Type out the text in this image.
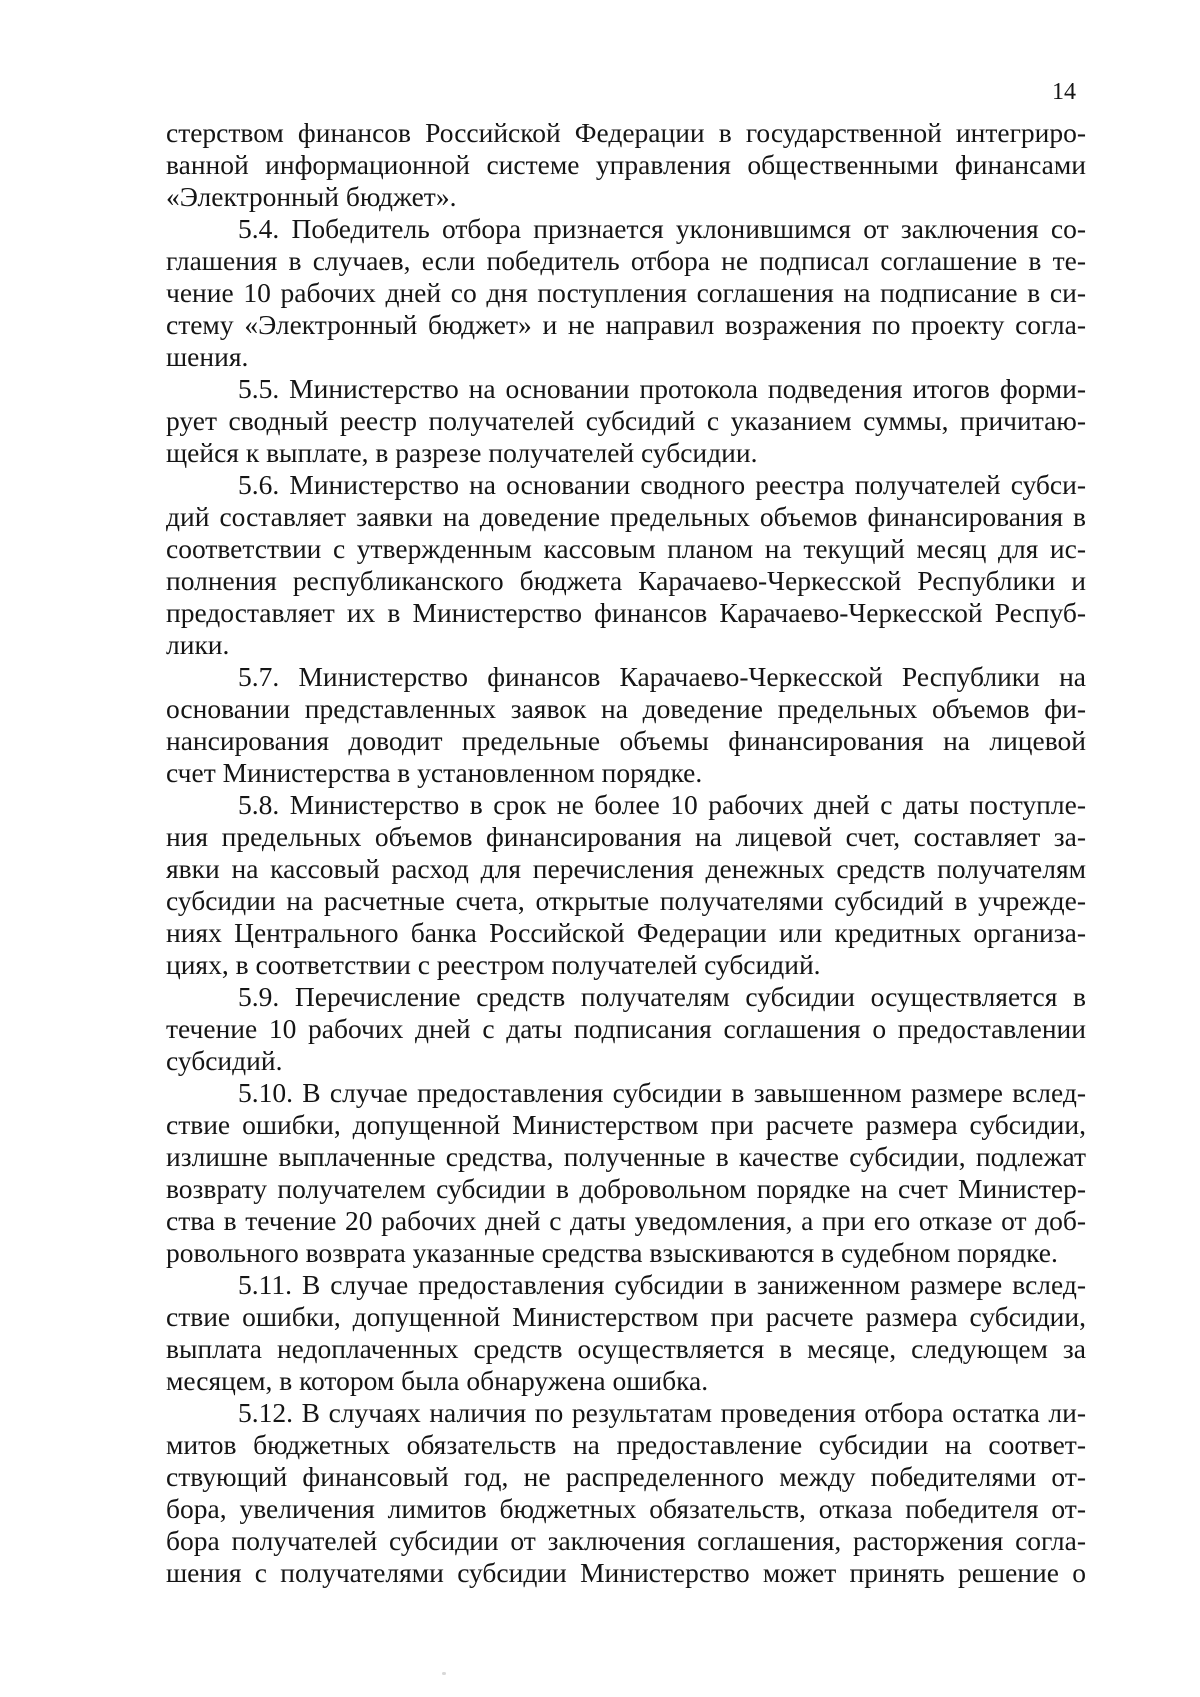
14
стерством финансов Российской Федерации в государственной интегриро-
ванной информационной системе управления общественными финансами
«Электронный бюджет».
5.4. Победитель отбора признается уклонившимся от заключения со-
глашения в случаев, если победитель отбора не подписал соглашение в те-
чение 10 рабочих дней со дня поступления соглашения на подписание в си-
стему «Электронный бюджет» и не направил возражения по проекту согла-
шения.
5.5. Министерство на основании протокола подведения итогов форми-
рует сводный реестр получателей субсидий с указанием суммы, причитаю-
щейся к выплате, в разрезе получателей субсидии.
5.6. Министерство на основании сводного реестра получателей субси-
дий составляет заявки на доведение предельных объемов финансирования в
соответствии с утвержденным кассовым планом на текущий месяц для ис-
полнения республиканского бюджета Карачаево-Черкесской Республики и
предоставляет их в Министерство финансов Карачаево-Черкесской Респуб-
лики.
5.7. Министерство финансов Карачаево-Черкесской Республики на
основании представленных заявок на доведение предельных объемов фи-
нансирования доводит предельные объемы финансирования на лицевой
счет Министерства в установленном порядке.
5.8. Министерство в срок не более 10 рабочих дней с даты поступле-
ния предельных объемов финансирования на лицевой счет, составляет за-
явки на кассовый расход для перечисления денежных средств получателям
субсидии на расчетные счета, открытые получателями субсидий в учрежде-
ниях Центрального банка Российской Федерации или кредитных организа-
циях, в соответствии с реестром получателей субсидий.
5.9. Перечисление средств получателям субсидии осуществляется в
течение 10 рабочих дней с даты подписания соглашения о предоставлении
субсидий.
5.10. В случае предоставления субсидии в завышенном размере вслед-
ствие ошибки, допущенной Министерством при расчете размера субсидии,
излишне выплаченные средства, полученные в качестве субсидии, подлежат
возврату получателем субсидии в добровольном порядке на счет Министер-
ства в течение 20 рабочих дней с даты уведомления, а при его отказе от доб-
ровольного возврата указанные средства взыскиваются в судебном порядке.
5.11. В случае предоставления субсидии в заниженном размере вслед-
ствие ошибки, допущенной Министерством при расчете размера субсидии,
выплата недоплаченных средств осуществляется в месяце, следующем за
месяцем, в котором была обнаружена ошибка.
5.12. В случаях наличия по результатам проведения отбора остатка ли-
митов бюджетных обязательств на предоставление субсидии на соответ-
ствующий финансовый год, не распределенного между победителями от-
бора, увеличения лимитов бюджетных обязательств, отказа победителя от-
бора получателей субсидии от заключения соглашения, расторжения согла-
шения с получателями субсидии Министерство может принять решение о
